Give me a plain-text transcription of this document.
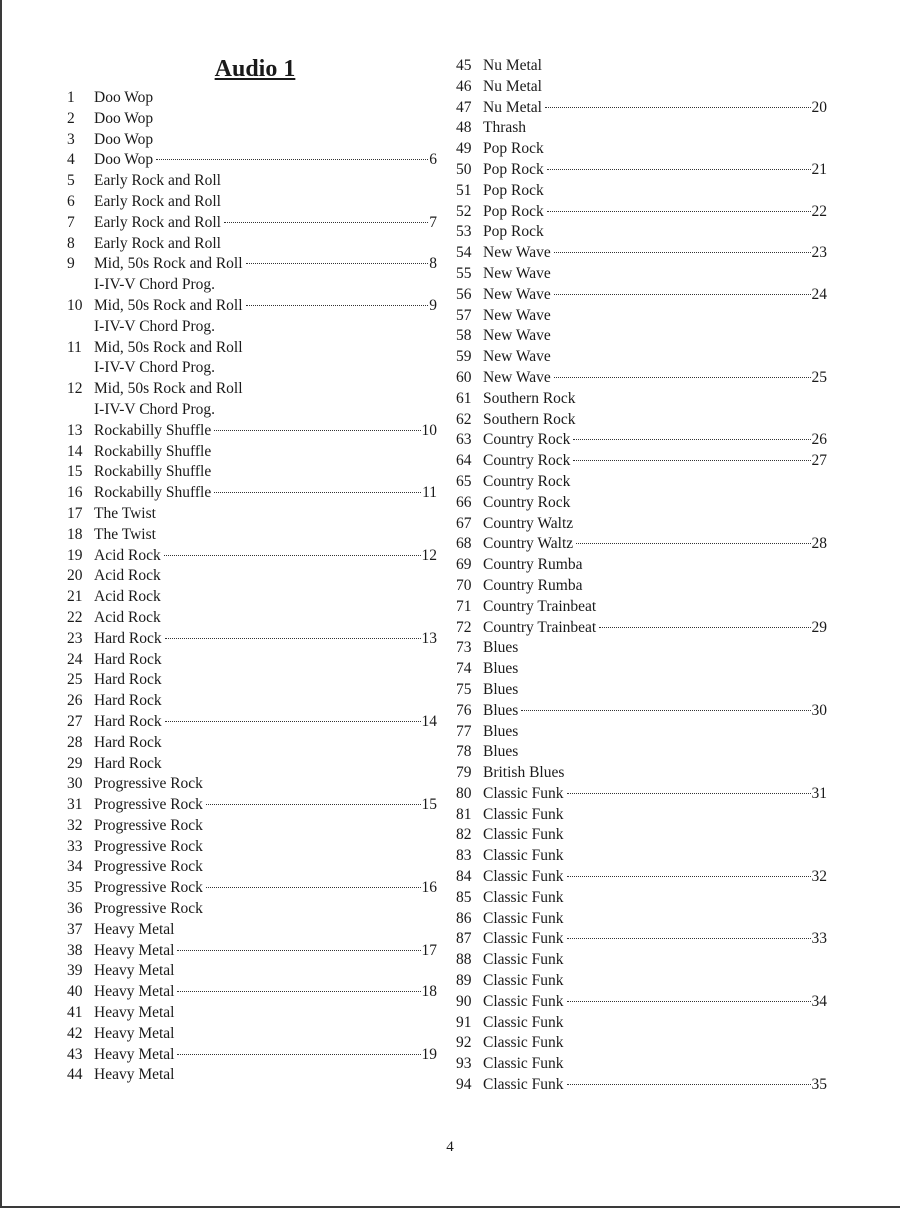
Audio 1
1	Doo Wop
2	Doo Wop
3	Doo Wop
4	Doo Wop	6
5	Early Rock and Roll
6	Early Rock and Roll
7	Early Rock and Roll	7
8	Early Rock and Roll
9	Mid, 50s Rock and Roll	8
I-IV-V Chord Prog.
10 Mid, 50s Rock and Roll	9
I-IV-V Chord Prog.
11 Mid, 50s Rock and Roll
I-IV-V Chord Prog.
12 Mid, 50s Rock and Roll
I-IV-V Chord Prog.
13 Rockabilly Shuffle	10
14 Rockabilly Shuffle
15 Rockabilly Shuffle
16 Rockabilly Shuffle	11
17 The Twist
18 The Twist
19 Acid Rock	12
20 Acid Rock
21 Acid Rock
22 Acid Rock
23 Hard Rock	13
24 Hard Rock
25 Hard Rock
26 Hard Rock
27 Hard Rock	14
28 Hard Rock
29 Hard Rock
30 Progressive Rock
31 Progressive Rock	15
32 Progressive Rock
33 Progressive Rock
34 Progressive Rock
35 Progressive Rock	16
36 Progressive Rock
37 Heavy Metal
38 Heavy Metal	17
39 Heavy Metal
40 Heavy Metal	18
41 Heavy Metal
42 Heavy Metal
43 Heavy Metal	19
44 Heavy Metal
45 Nu Metal
46 Nu Metal
47 Nu Metal	20
48 Thrash
49 Pop Rock
50 Pop Rock	21
51 Pop Rock
52 Pop Rock	22
53 Pop Rock
54 New Wave	23
55 New Wave
56 New Wave	24
57 New Wave
58 New Wave
59 New Wave
60 New Wave	25
61 Southern Rock
62 Southern Rock
63 Country Rock	26
64 Country Rock	27
65 Country Rock
66 Country Rock
67 Country Waltz
68 Country Waltz	28
69 Country Rumba
70 Country Rumba
71 Country Trainbeat
72 Country Trainbeat	29
73 Blues
74 Blues
75 Blues
76 Blues	30
77 Blues
78 Blues
79 British Blues
80 Classic Funk	31
81 Classic Funk
82 Classic Funk
83 Classic Funk
84 Classic Funk	32
85 Classic Funk
86 Classic Funk
87 Classic Funk	33
88 Classic Funk
89 Classic Funk
90 Classic Funk	34
91 Classic Funk
92 Classic Funk
93 Classic Funk
94 Classic Funk	35
4
